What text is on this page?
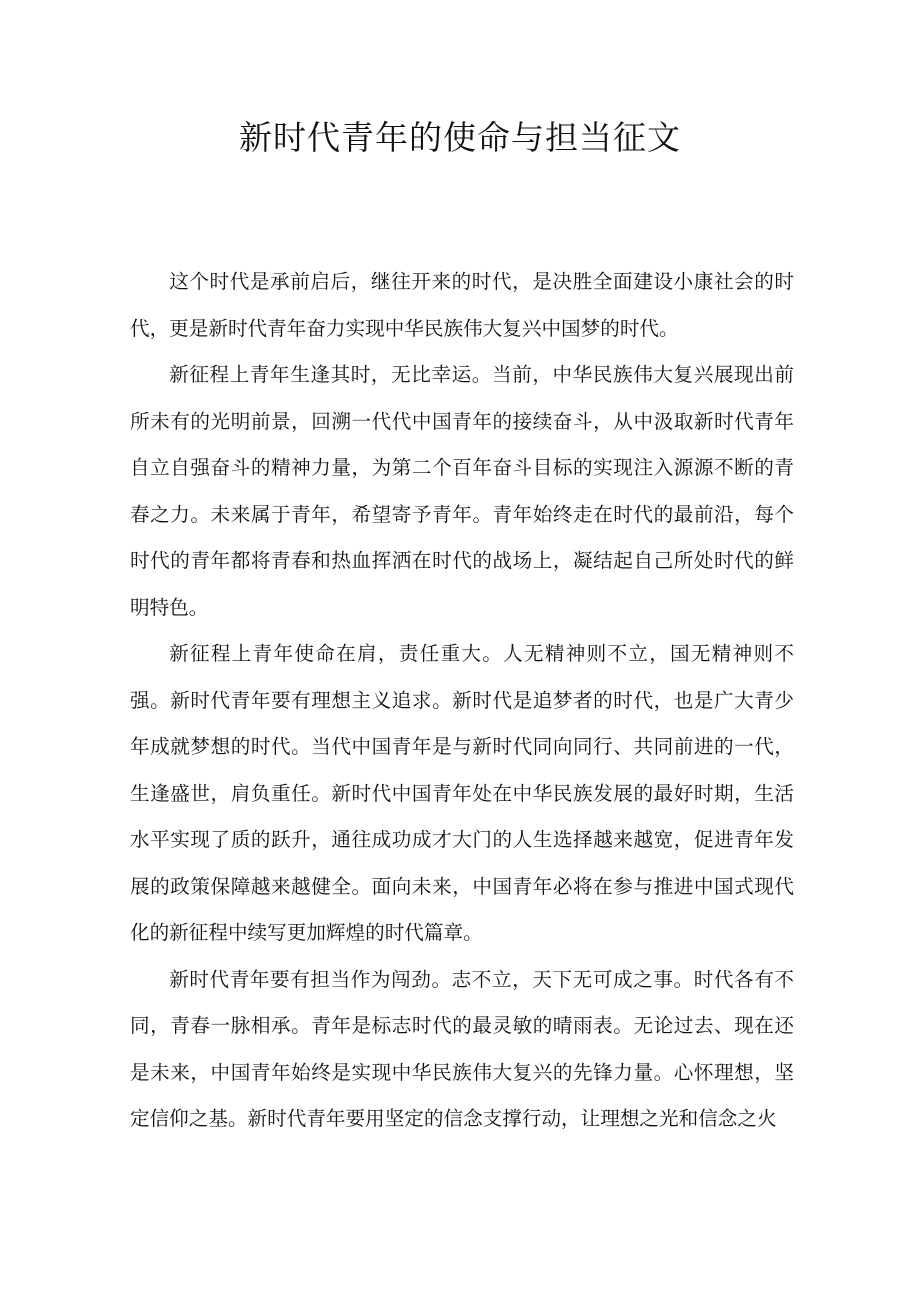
新时代青年的使命与担当征文

这个时代是承前启后，继往开来的时代，是决胜全面建设小康社会的时代，更是新时代青年奋力实现中华民族伟大复兴中国梦的时代。

新征程上青年生逢其时，无比幸运。当前，中华民族伟大复兴展现出前所未有的光明前景，回溯一代代中国青年的接续奋斗，从中汲取新时代青年自立自强奋斗的精神力量，为第二个百年奋斗目标的实现注入源源不断的青春之力。未来属于青年，希望寄予青年。青年始终走在时代的最前沿，每个时代的青年都将青春和热血挥洒在时代的战场上，凝结起自己所处时代的鲜明特色。

新征程上青年使命在肩，责任重大。人无精神则不立，国无精神则不强。新时代青年要有理想主义追求。新时代是追梦者的时代，也是广大青少年成就梦想的时代。当代中国青年是与新时代同向同行、共同前进的一代，生逢盛世，肩负重任。新时代中国青年处在中华民族发展的最好时期，生活水平实现了质的跃升，通往成功成才大门的人生选择越来越宽，促进青年发展的政策保障越来越健全。面向未来，中国青年必将在参与推进中国式现代化的新征程中续写更加辉煌的时代篇章。

新时代青年要有担当作为闯劲。志不立，天下无可成之事。时代各有不同，青春一脉相承。青年是标志时代的最灵敏的晴雨表。无论过去、现在还是未来，中国青年始终是实现中华民族伟大复兴的先锋力量。心怀理想，坚定信仰之基。新时代青年要用坚定的信念支撑行动，让理想之光和信念之火
